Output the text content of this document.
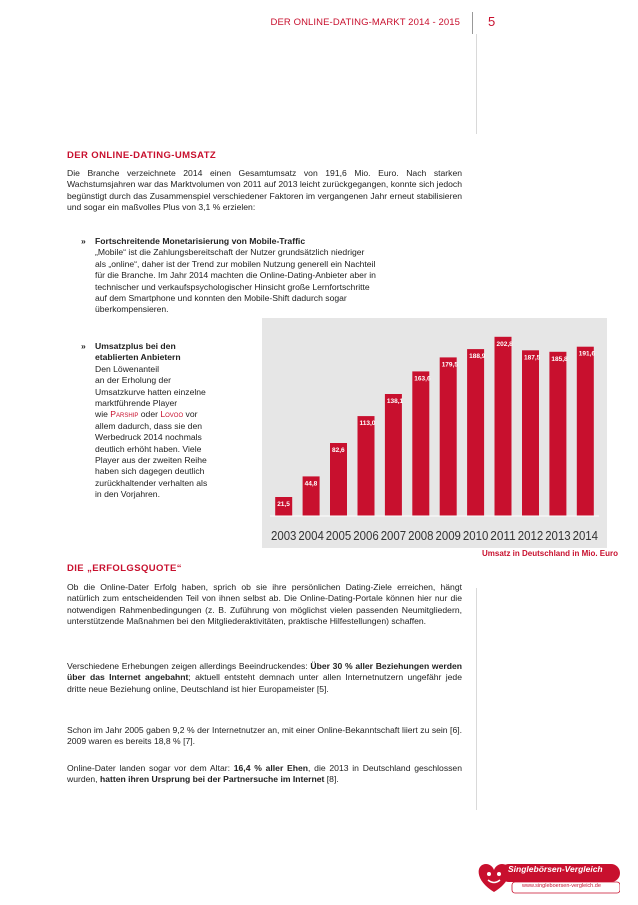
DER ONLINE-DATING-MARKT 2014 - 2015 5
DER ONLINE-DATING-UMSATZ
Die Branche verzeichnete 2014 einen Gesamtumsatz von 191,6 Mio. Euro. Nach starken Wachstumsjahren war das Marktvolumen von 2011 auf 2013 leicht zurückgegangen, konnte sich jedoch begünstigt durch das Zusammenspiel verschiedener Faktoren im vergangenen Jahr erneut stabilisieren und sogar ein maßvolles Plus von 3,1 % erzielen:
» Fortschreitende Monetarisierung von Mobile-Traffic
„Mobile“ ist die Zahlungsbereitschaft der Nutzer grundsätzlich niedriger
als „online“, daher ist der Trend zur mobilen Nutzung generell ein Nachteil
für die Branche. Im Jahr 2014 machten die Online-Dating-Anbieter aber in
technischer und verkaufspsychologischer Hinsicht große Lernfortschritte
auf dem Smartphone und konnten den Mobile-Shift dadurch sogar
überkompensieren.
» Umsatzplus bei den
etablierten Anbietern
Den Löwenanteil
an der Erholung der
Umsatzkurve hatten einzelne
marktführende Player
wie Parship oder Lovoo vor
allem dadurch, dass sie den
Werbedruck 2014 nochmals
deutlich erhöht haben. Viele
Player aus der zweiten Reihe
haben sich dagegen deutlich
zurückhaltender verhalten als
in den Vorjahren.
21,5
2003
44,8
2004
82,6
2005
113,0
2006
138,1
2007
163,6
2008
179,5
2009
188,9
2010
202,8
2011
187,5
2012
185,8
2013
191,6
2014
Umsatz in Deutschland in Mio. Euro
DIE „ERFOLGSQUOTE“
Ob die Online-Dater Erfolg haben, sprich ob sie ihre persönlichen Dating-Ziele erreichen, hängt natürlich zum entscheidenden Teil von ihnen selbst ab. Die Online-Dating-Portale können hier nur die notwendigen Rahmenbedingungen (z. B. Zuführung von möglichst vielen passenden Neumitgliedern, unterstützende Maßnahmen bei den Mitgliederaktivitäten, praktische Hilfestellungen) schaffen.
Verschiedene Erhebungen zeigen allerdings Beeindruckendes: Über 30 % aller Beziehungen werden über das Internet angebahnt; aktuell entsteht demnach unter allen Internetnutzern ungefähr jede dritte neue Beziehung online, Deutschland ist hier Europameister [5].
Schon im Jahr 2005 gaben 9,2 % der Internetnutzer an, mit einer Online-Bekanntschaft liiert zu sein [6]. 2009 waren es bereits 18,8 % [7].
Online-Dater landen sogar vor dem Altar: 16,4 % aller Ehen, die 2013 in Deutschland geschlossen wurden, hatten ihren Ursprung bei der Partnersuche im Internet [8].
Singlebörsen-Vergleich
www.singleboersen-vergleich.de
